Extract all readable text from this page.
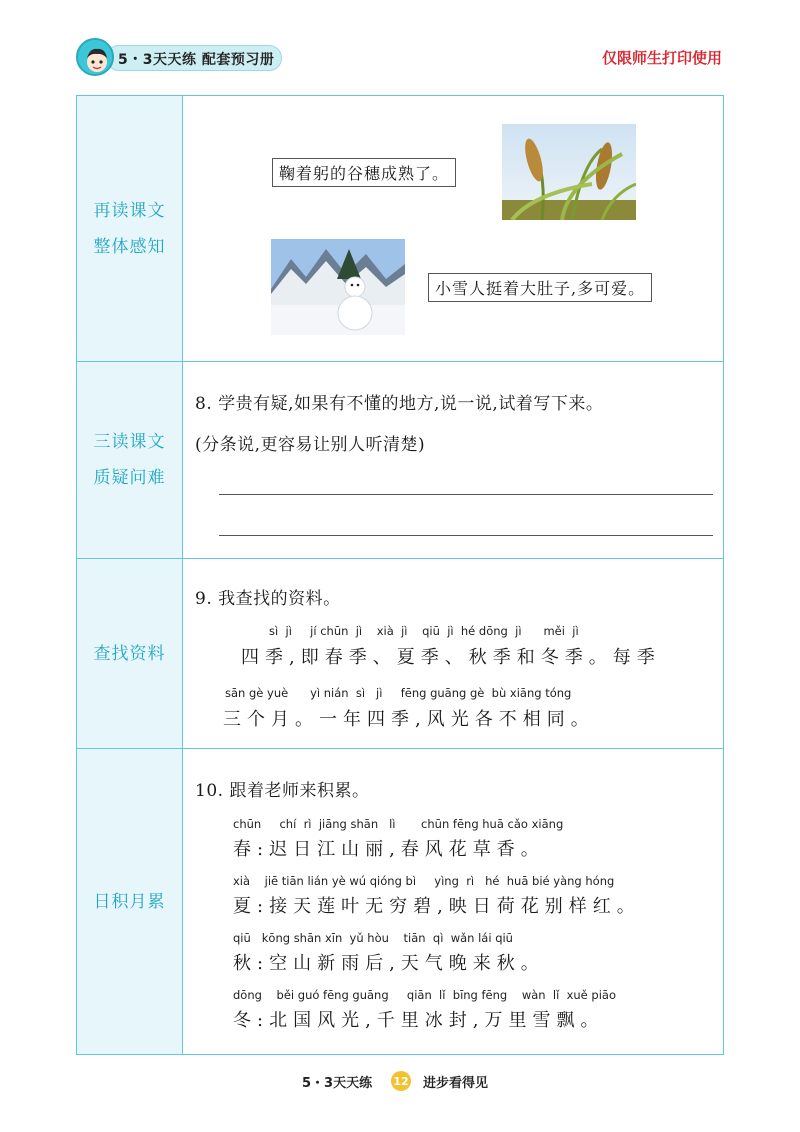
5・3天天练 配套预习册	仅限师生打印使用
再读课文
整体感知
鞠着躬的谷穗成熟了。
小雪人挺着大肚子,多可爱。
三读课文
质疑问难
8. 学贵有疑,如果有不懂的地方,说一说,试着写下来。
(分条说,更容易让别人听清楚)
查找资料
9. 我查找的资料。
sì  jì     jí chūn  jì    xià  jì    qiū  jì  hé dōng  jì      měi  jì
四季,即春季、夏季、秋季和冬季。每季
sān gè yuè      yì nián  sì   jì     fēng guāng gè  bù xiāng tóng
三个月。一年四季,风光各不相同。
日积月累
10. 跟着老师来积累。
chūn     chí  rì  jiāng shān   lì       chūn fēng huā cǎo xiāng
春:迟日江山丽,春风花草香。
xià    jiē tiān lián yè wú qióng bì     yìng  rì   hé  huā bié yàng hóng
夏:接天莲叶无穷碧,映日荷花别样红。
qiū   kōng shān xīn  yǔ hòu    tiān  qì  wǎn lái qiū
秋:空山新雨后,天气晚来秋。
dōng    běi guó fēng guāng     qiān  lǐ  bīng fēng    wàn  lǐ  xuě piāo
冬:北国风光,千里冰封,万里雪飘。
5・3天天练 12 进步看得见
